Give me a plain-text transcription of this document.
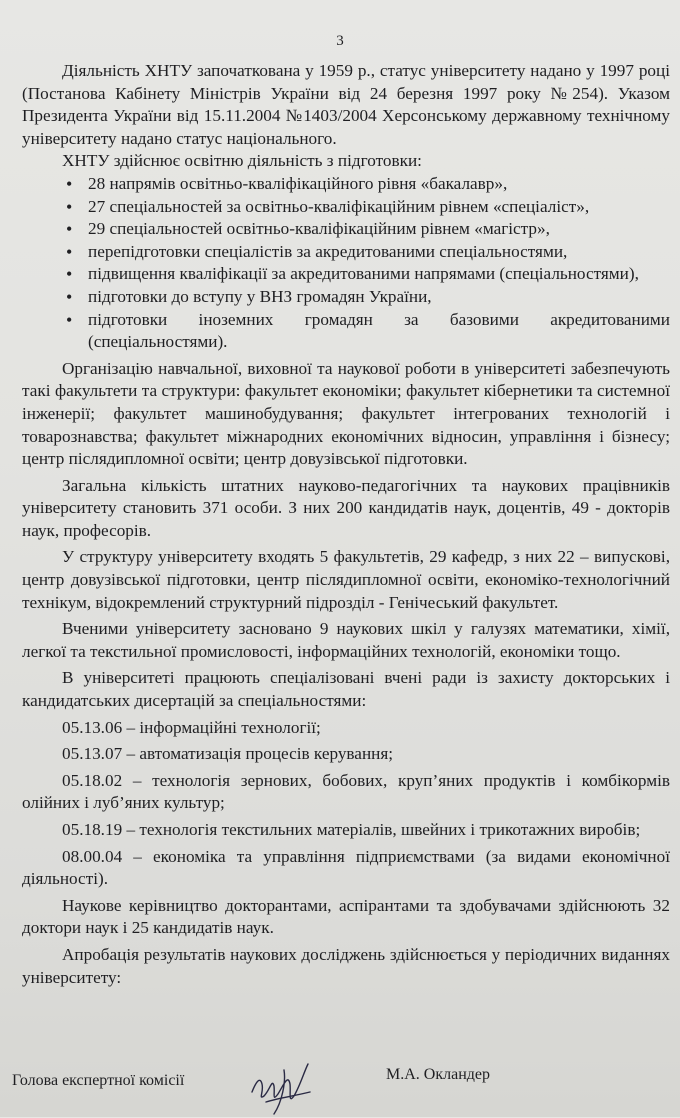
3

Діяльність ХНТУ започаткована у 1959 р., статус університету надано у 1997 році (Постанова Кабінету Міністрів України від 24 березня 1997 року №254). Указом Президента України від 15.11.2004 №1403/2004 Херсонському державному технічному університету надано статус національного.

ХНТУ здійснює освітню діяльність з підготовки:

• 28 напрямів освітньо-кваліфікаційного рівня «бакалавр»,
• 27 спеціальностей за освітньо-кваліфікаційним рівнем «спеціаліст»,
• 29 спеціальностей освітньо-кваліфікаційним рівнем «магістр»,
• перепідготовки спеціалістів за акредитованими спеціальностями,
• підвищення кваліфікації за акредитованими напрямами (спеціальностями),
• підготовки до вступу у ВНЗ громадян України,
• підготовки іноземних громадян за базовими акредитованими (спеціальностями).

Організацію навчальної, виховної та наукової роботи в університеті забезпечують такі факультети та структури: факультет економіки; факультет кібернетики та системної інженерії; факультет машинобудування; факультет інтегрованих технологій і товарознавства; факультет міжнародних економічних відносин, управління і бізнесу; центр післядипломної освіти; центр довузівської підготовки.

Загальна кількість штатних науково-педагогічних та наукових працівників університету становить 371 особи. З них 200 кандидатів наук, доцентів, 49 - докторів наук, професорів.

У структуру університету входять 5 факультетів, 29 кафедр, з них 22 – випускові, центр довузівської підготовки, центр післядипломної освіти, економіко-технологічний технікум, відокремлений структурний підрозділ - Генічеський факультет.

Вченими університету засновано 9 наукових шкіл у галузях математики, хімії, легкої та текстильної промисловості, інформаційних технологій, економіки тощо.

В університеті працюють спеціалізовані вчені ради із захисту докторських і кандидатських дисертацій за спеціальностями:

05.13.06 – інформаційні технології;

05.13.07 – автоматизація процесів керування;

05.18.02 – технологія зернових, бобових, круп’яних продуктів і комбікормів олійних і луб’яних культур;

05.18.19 – технологія текстильних матеріалів, швейних і трикотажних виробів;

08.00.04 – економіка та управління підприємствами (за видами економічної діяльності).

Наукове керівництво докторантами, аспірантами та здобувачами здійснюють 32 доктори наук і 25 кандидатів наук.

Апробація результатів наукових досліджень здійснюється у періодичних виданнях університету:

Голова експертної комісії	М.А. Окландер
